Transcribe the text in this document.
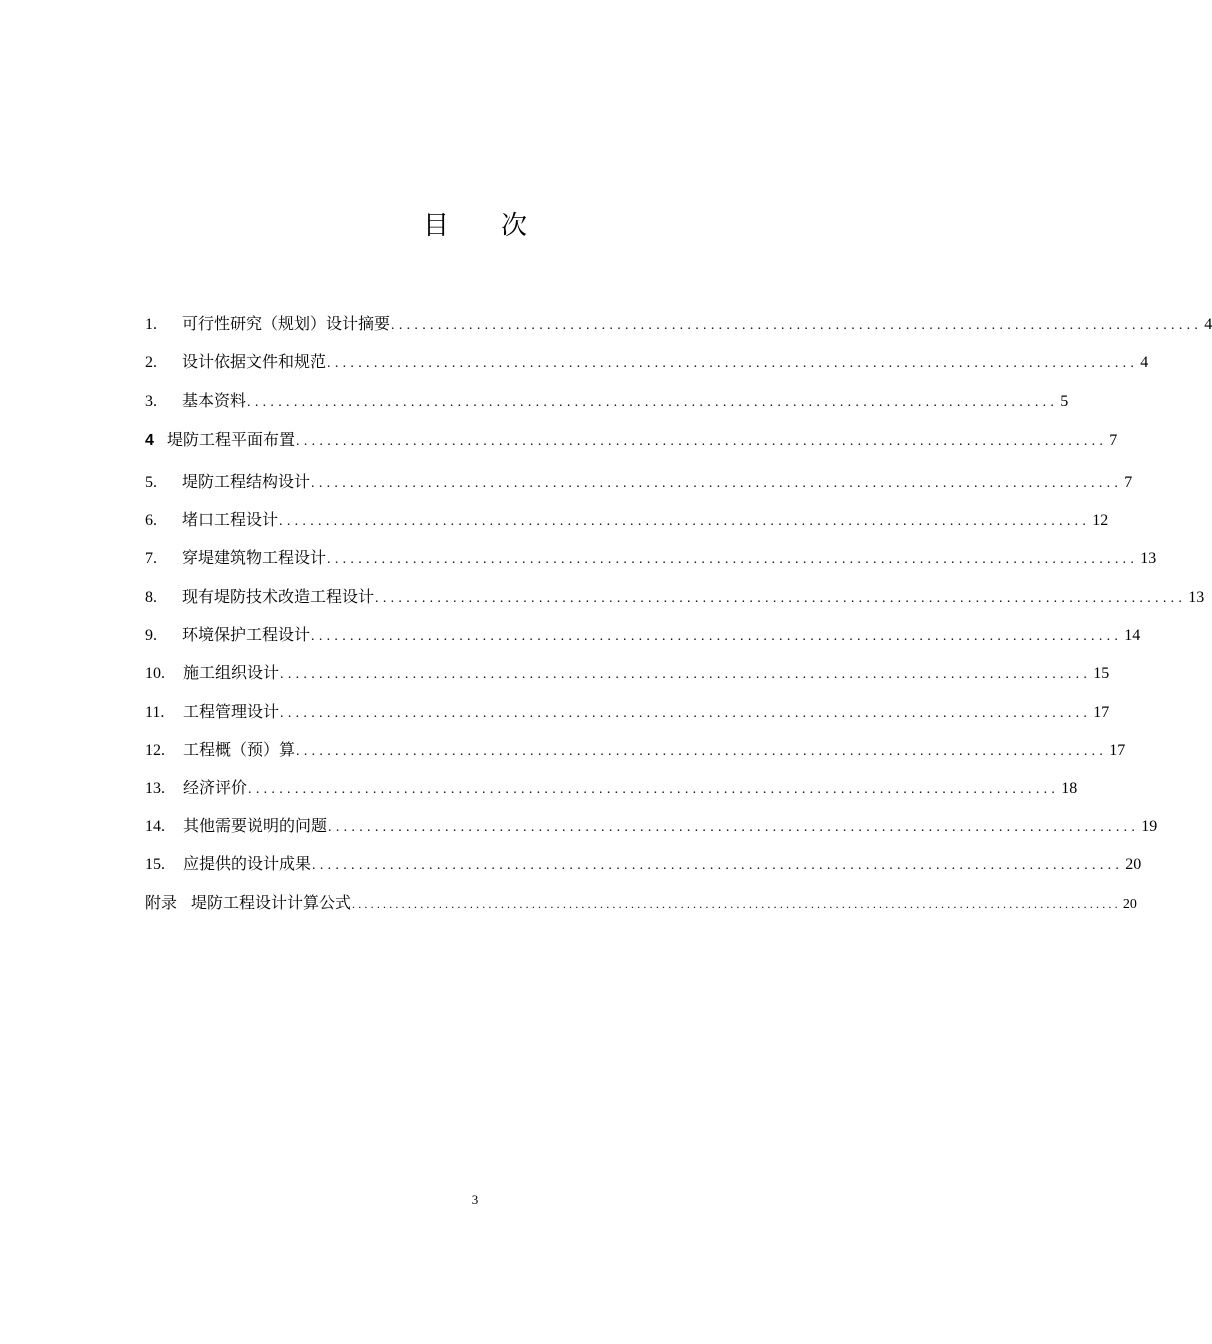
目 次
1.	可行性研究（规划）设计摘要 ........................................................................................................ 4
2.	设计依据文件和规范 ........................................................................................................ 4
3.	基本资料 ........................................................................................................ 5
4 堤防工程平面布置 ........................................................................................................ 7
5.	堤防工程结构设计 ........................................................................................................ 7
6.	堵口工程设计 ........................................................................................................ 12
7.	穿堤建筑物工程设计 ........................................................................................................ 13
8.	现有堤防技术改造工程设计 ........................................................................................................ 13
9.	环境保护工程设计 ........................................................................................................ 14
10.	施工组织设计 ........................................................................................................ 15
11.	工程管理设计 ........................................................................................................ 17
12.	工程概（预）算 ........................................................................................................ 17
13.	经济评价 ........................................................................................................ 18
14.	其他需要说明的问题 ........................................................................................................ 19
15.	应提供的设计成果 ........................................................................................................ 20
附录 堤防工程设计计算公式 ............................................................................................................................ 20
3
